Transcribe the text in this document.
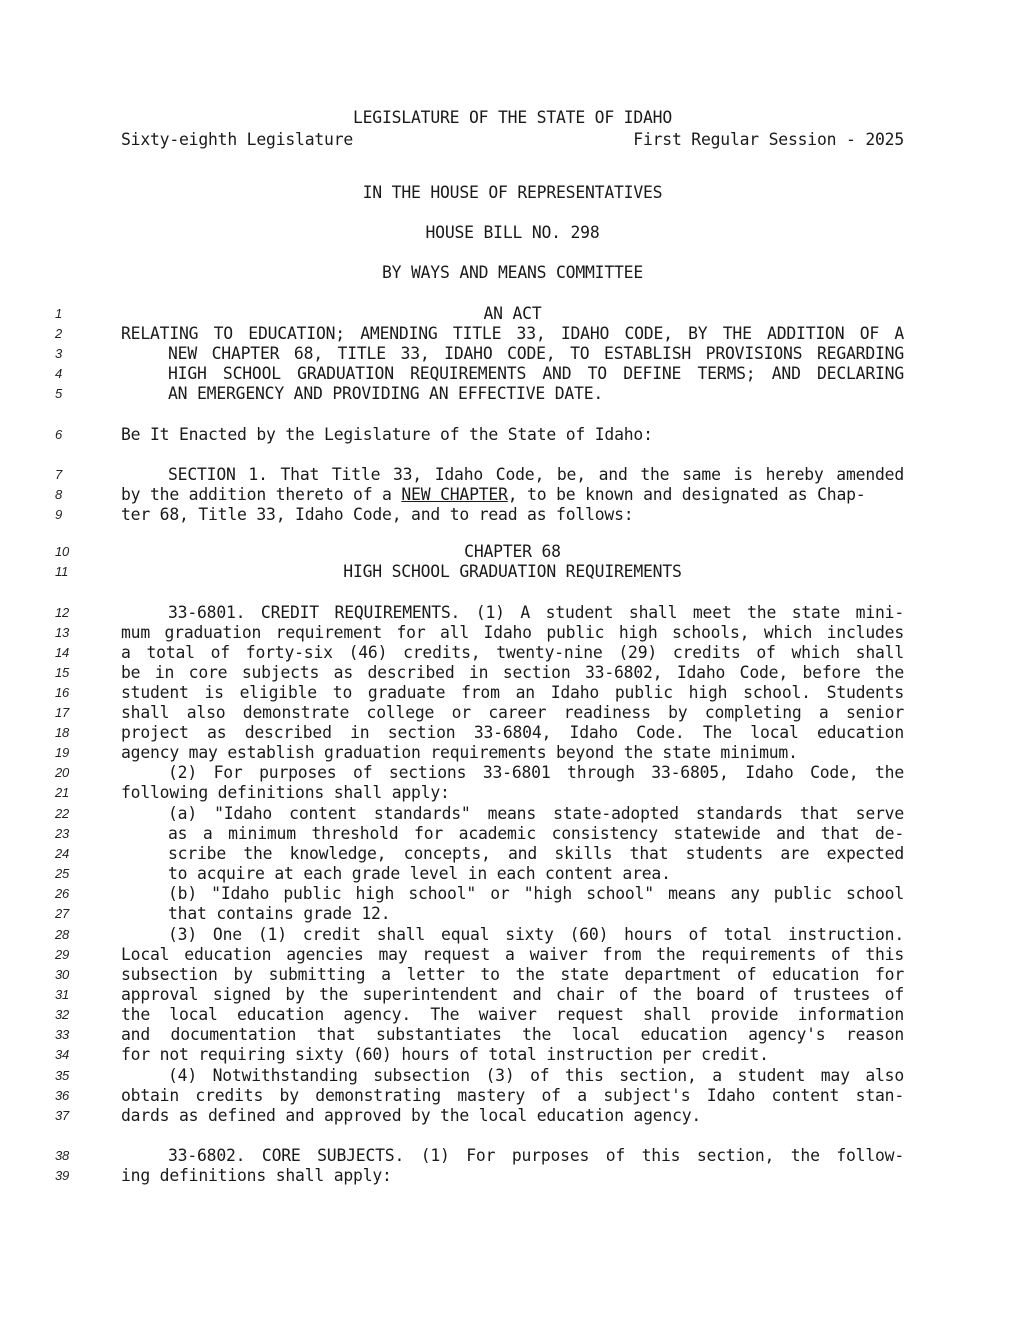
LEGISLATURE OF THE STATE OF IDAHO
Sixty-eighth Legislature	First Regular Session - 2025
IN THE HOUSE OF REPRESENTATIVES
HOUSE BILL NO. 298
BY WAYS AND MEANS COMMITTEE
1
2
3
4
5
6
7
8
9
10
11
12
13
14
15
16
17
18
19
20
21
22
23
24
25
26
27
28
29
30
31
32
33
34
35
36
37
38
39
AN ACT
RELATING TO EDUCATION; AMENDING TITLE 33, IDAHO CODE, BY THE ADDITION OF A
NEW CHAPTER 68, TITLE 33, IDAHO CODE, TO ESTABLISH PROVISIONS REGARDING
HIGH SCHOOL GRADUATION REQUIREMENTS AND TO DEFINE TERMS; AND DECLARING
AN EMERGENCY AND PROVIDING AN EFFECTIVE DATE.
Be It Enacted by the Legislature of the State of Idaho:
SECTION 1. That Title 33, Idaho Code, be, and the same is hereby amended
by the addition thereto of a NEW CHAPTER, to be known and designated as Chap-
ter 68, Title 33, Idaho Code, and to read as follows:
CHAPTER 68
HIGH SCHOOL GRADUATION REQUIREMENTS
33-6801. CREDIT REQUIREMENTS. (1) A student shall meet the state mini-
mum graduation requirement for all Idaho public high schools, which includes
a total of forty-six (46) credits, twenty-nine (29) credits of which shall
be in core subjects as described in section 33-6802, Idaho Code, before the
student is eligible to graduate from an Idaho public high school. Students
shall also demonstrate college or career readiness by completing a senior
project as described in section 33-6804, Idaho Code. The local education
agency may establish graduation requirements beyond the state minimum.
(2) For purposes of sections 33-6801 through 33-6805, Idaho Code, the
following definitions shall apply:
(a) "Idaho content standards" means state-adopted standards that serve
as a minimum threshold for academic consistency statewide and that de-
scribe the knowledge, concepts, and skills that students are expected
to acquire at each grade level in each content area.
(b) "Idaho public high school" or "high school" means any public school
that contains grade 12.
(3) One (1) credit shall equal sixty (60) hours of total instruction.
Local education agencies may request a waiver from the requirements of this
subsection by submitting a letter to the state department of education for
approval signed by the superintendent and chair of the board of trustees of
the local education agency. The waiver request shall provide information
and documentation that substantiates the local education agency's reason
for not requiring sixty (60) hours of total instruction per credit.
(4) Notwithstanding subsection (3) of this section, a student may also
obtain credits by demonstrating mastery of a subject's Idaho content stan-
dards as defined and approved by the local education agency.
33-6802. CORE SUBJECTS. (1) For purposes of this section, the follow-
ing definitions shall apply:
